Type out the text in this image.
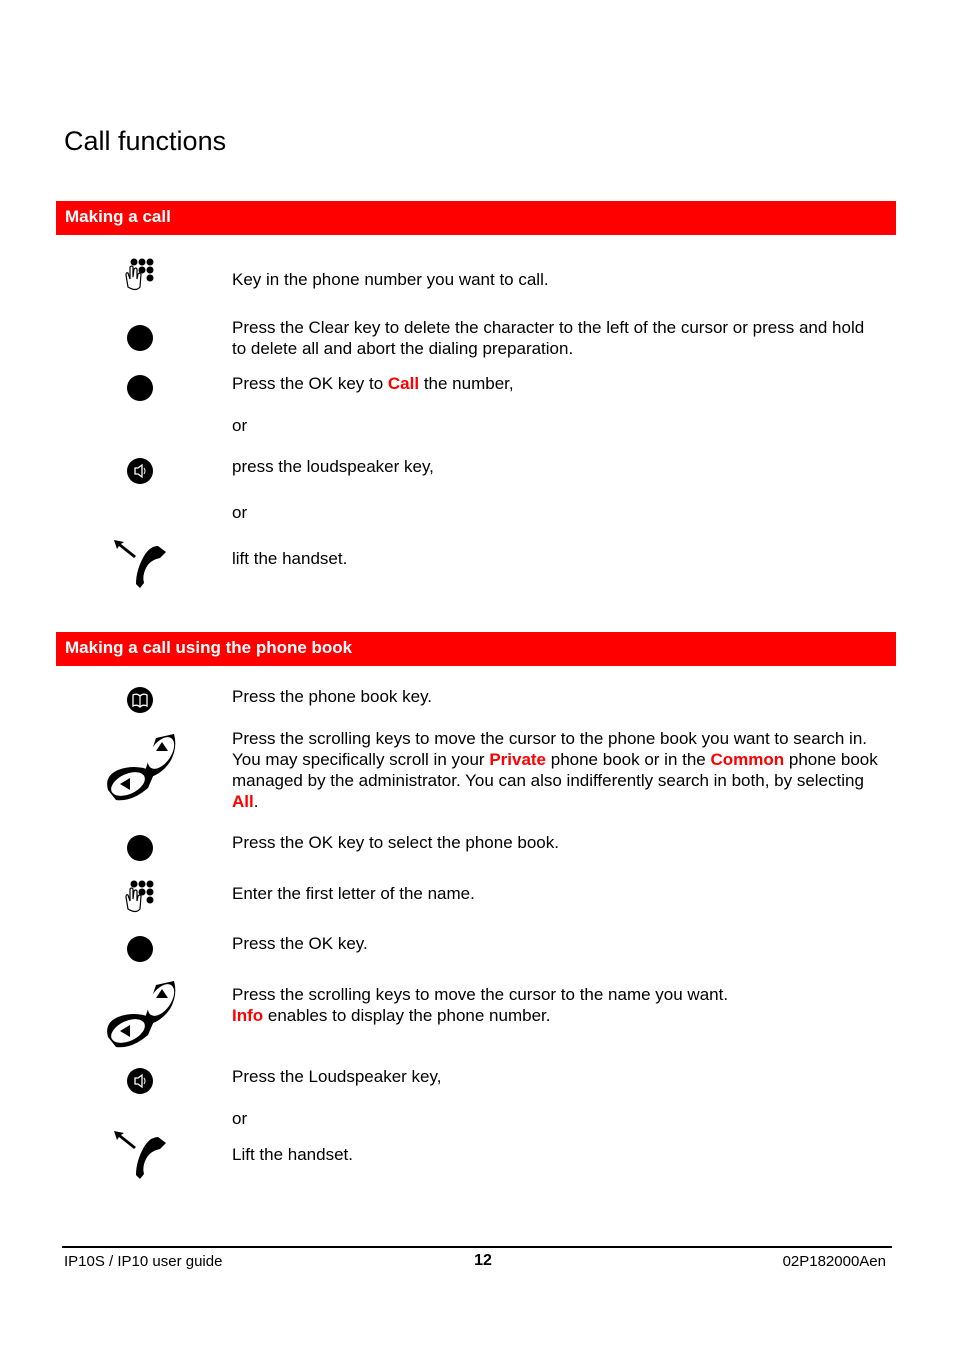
Call functions
Making a call
Key in the phone number you want to call.
Press the Clear key to delete the character to the left of the cursor or press and hold to delete all and abort the dialing preparation.
Press the OK key to Call the number,
or
press the loudspeaker key,
or
lift the handset.
Making a call using the phone book
Press the phone book key.
Press the scrolling keys to move the cursor to the phone book you want to search in. You may specifically scroll in your Private phone book or in the Common phone book managed by the administrator. You can also indifferently search in both, by selecting All.
Press the OK key to select the phone book.
Enter the first letter of the name.
Press the OK key.
Press the scrolling keys to move the cursor to the name you want.
Info enables to display the phone number.
Press the Loudspeaker key,
or
Lift the handset.
IP10S / IP10 user guide	12	02P182000Aen
